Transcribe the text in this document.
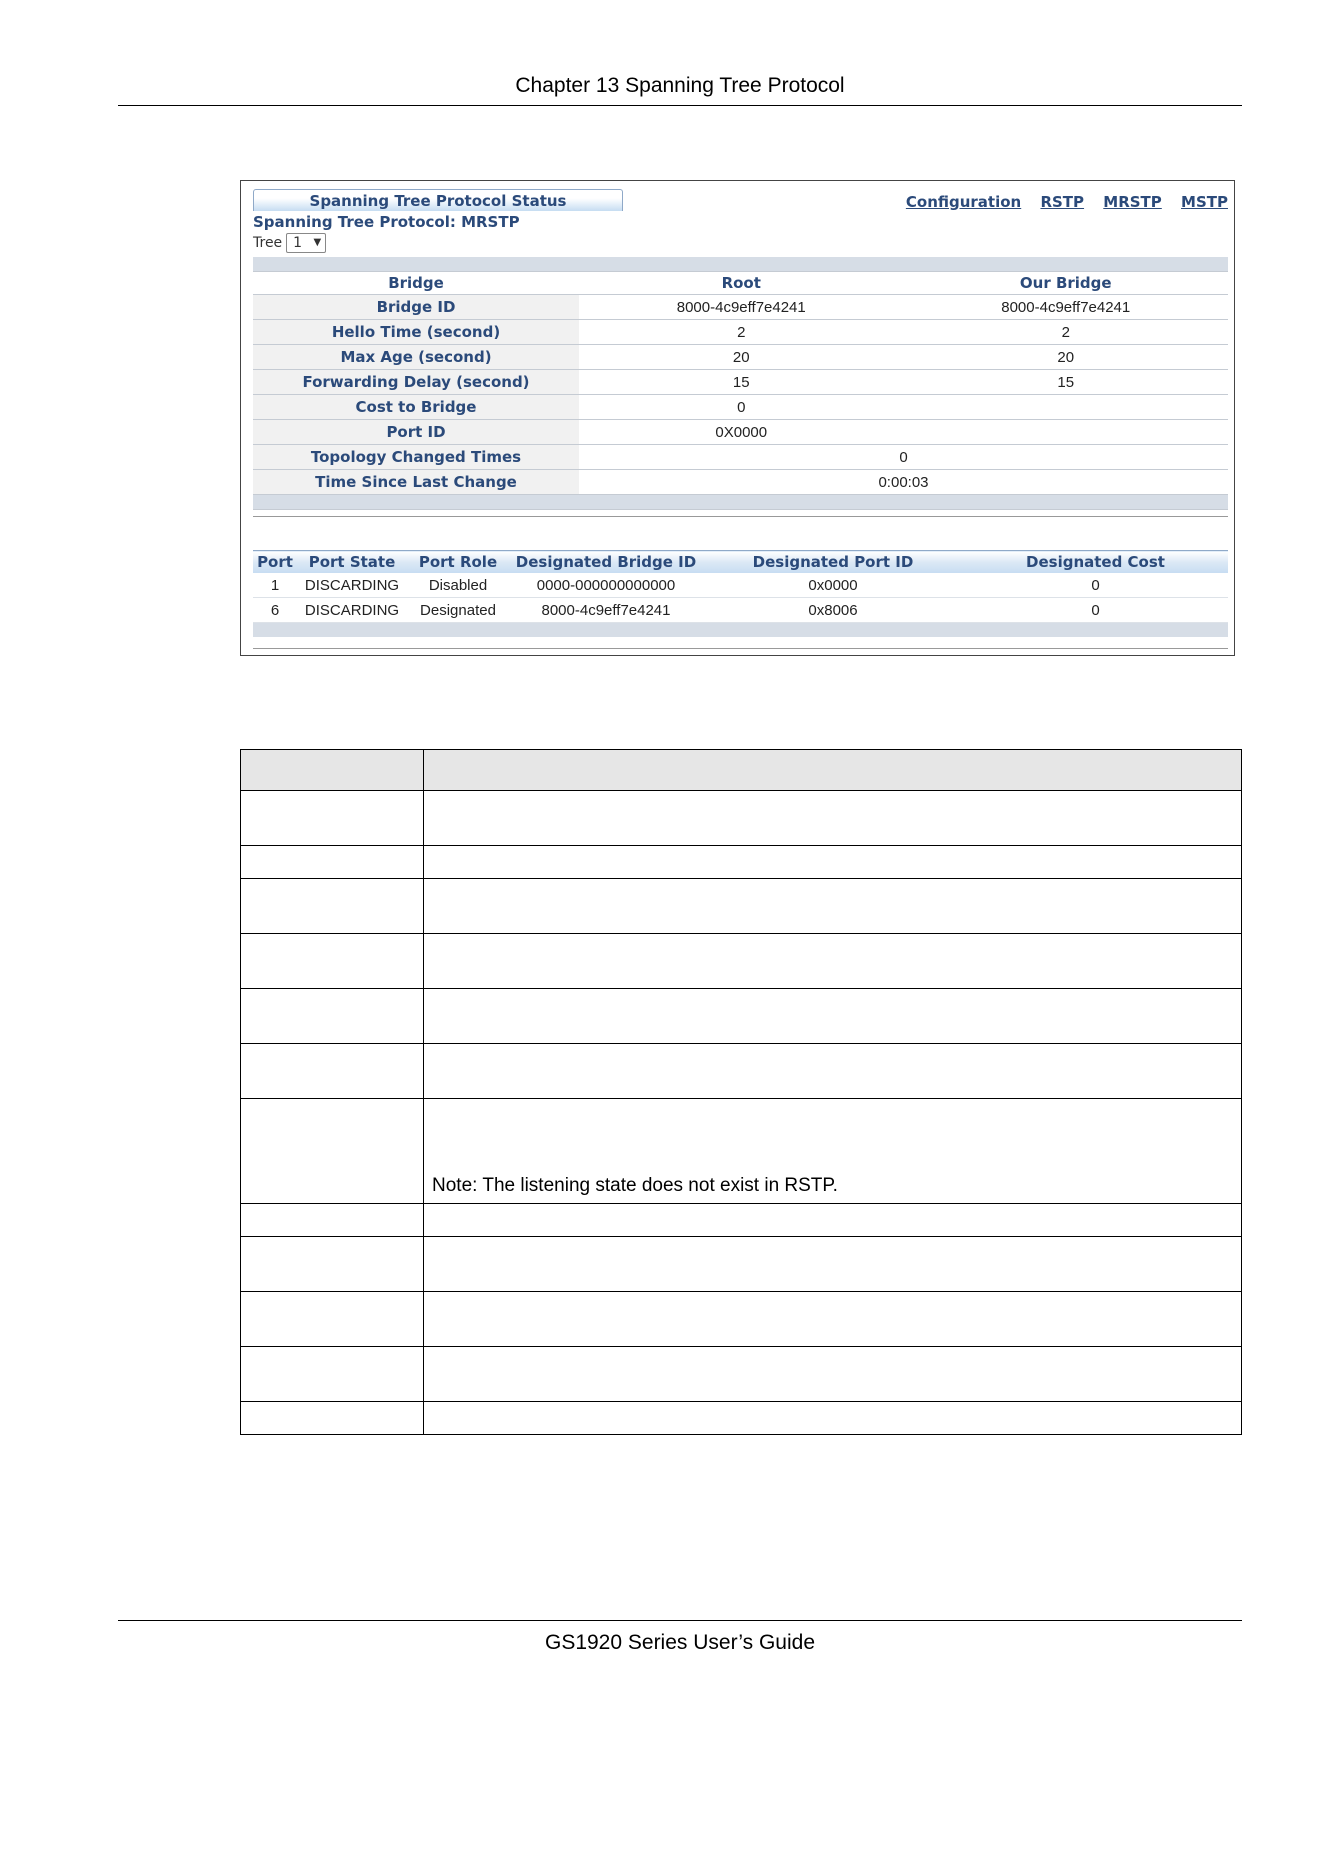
Chapter 13 Spanning Tree Protocol
Spanning Tree Protocol Status	Configuration RSTP MRSTP MSTP
Spanning Tree Protocol: MRSTP
Tree 1 ▼

Bridge	Root	Our Bridge
Bridge ID	8000-4c9eff7e4241	8000-4c9eff7e4241
Hello Time (second)	2	2
Max Age (second)	20	20
Forwarding Delay (second)	15	15
Cost to Bridge	0	
Port ID	0X0000	
Topology Changed Times	0	
Time Since Last Change	0:00:03	

Port	Port State	Port Role	Designated Bridge ID	Designated Port ID	Designated Cost
1	DISCARDING	Disabled	0000-000000000000	0x0000	0
6	DISCARDING	Designated	8000-4c9eff7e4241	0x8006	0

	Note: The listening state does not exist in RSTP.

GS1920 Series User’s Guide
